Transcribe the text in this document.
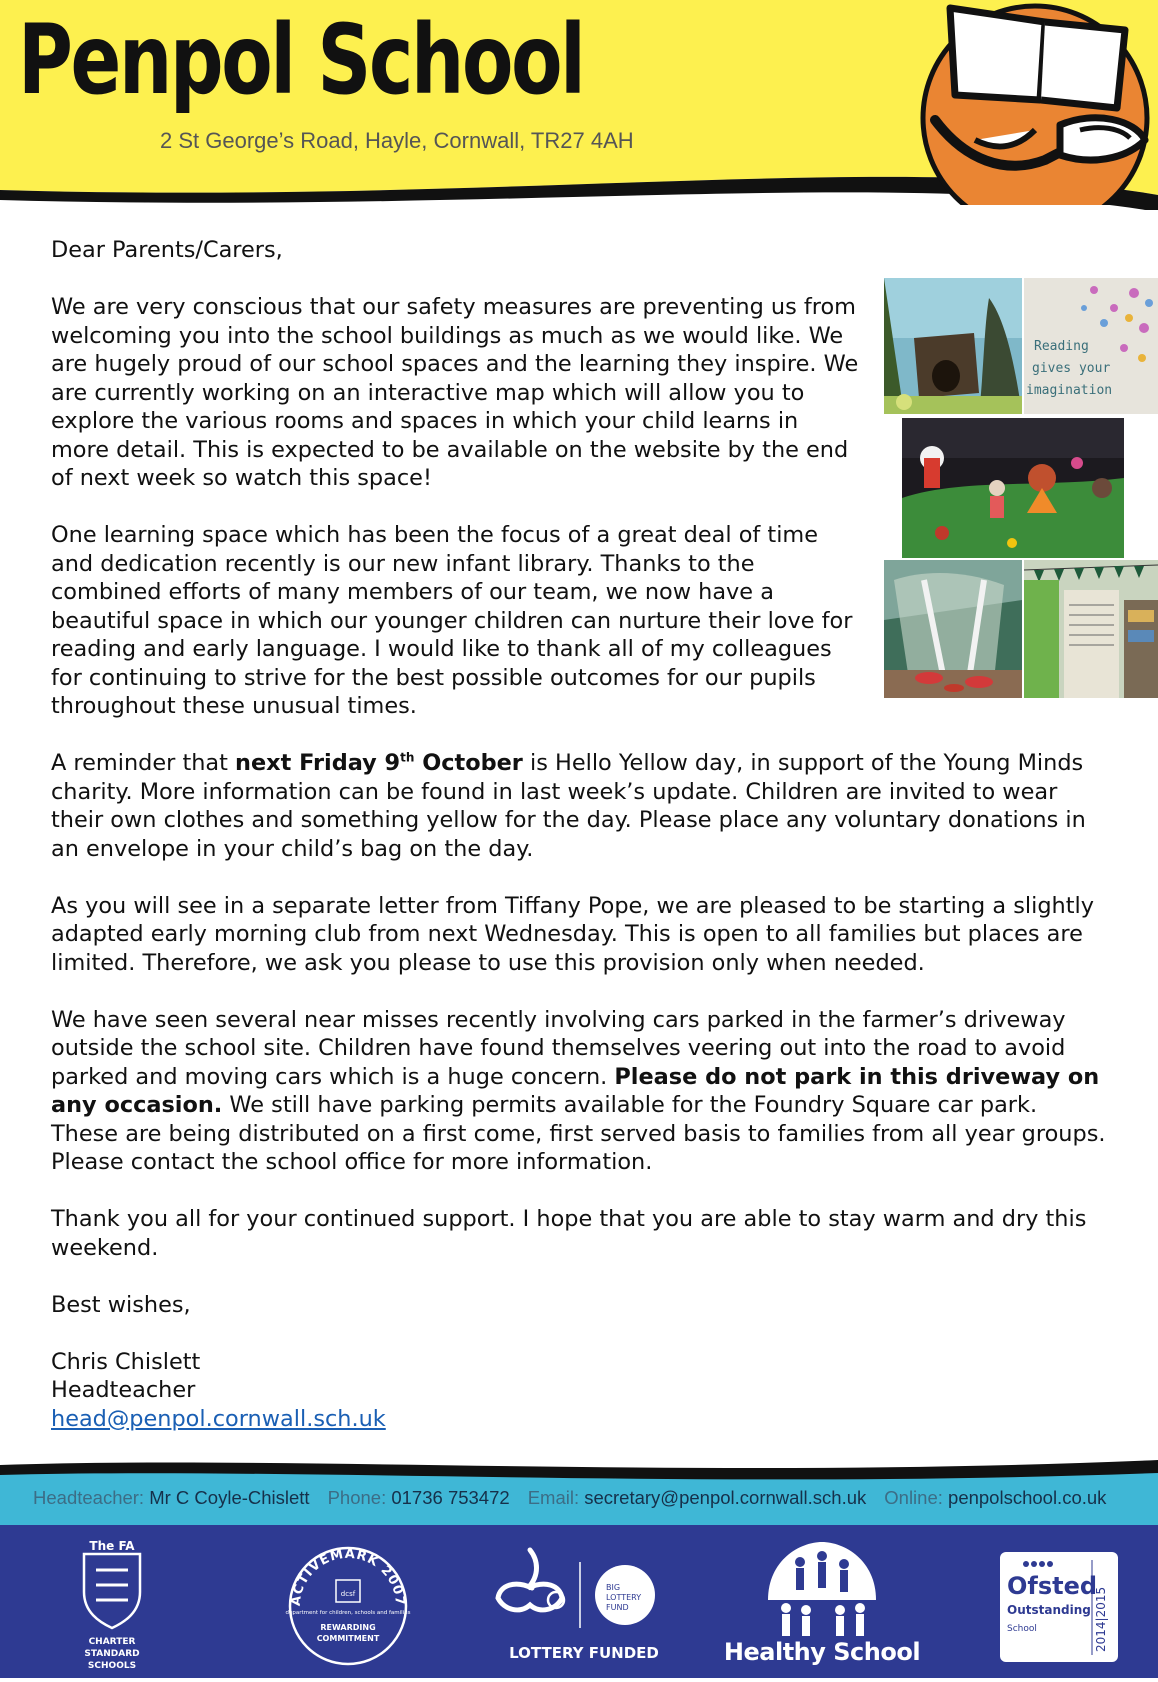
Penpol School
2 St George’s Road, Hayle, Cornwall, TR27 4AH

Dear Parents/Carers,

We are very conscious that our safety measures are preventing us from welcoming you into the school buildings as much as we would like. We are hugely proud of our school spaces and the learning they inspire. We are currently working on an interactive map which will allow you to explore the various rooms and spaces in which your child learns in more detail. This is expected to be available on the website by the end of next week so watch this space!

One learning space which has been the focus of a great deal of time and dedication recently is our new infant library. Thanks to the combined efforts of many members of our team, we now have a beautiful space in which our younger children can nurture their love for reading and early language. I would like to thank all of my colleagues for continuing to strive for the best possible outcomes for our pupils throughout these unusual times.

A reminder that next Friday 9th October is Hello Yellow day, in support of the Young Minds charity. More information can be found in last week’s update. Children are invited to wear their own clothes and something yellow for the day. Please place any voluntary donations in an envelope in your child’s bag on the day.

As you will see in a separate letter from Tiffany Pope, we are pleased to be starting a slightly adapted early morning club from next Wednesday. This is open to all families but places are limited. Therefore, we ask you please to use this provision only when needed.

We have seen several near misses recently involving cars parked in the farmer’s driveway outside the school site. Children have found themselves veering out into the road to avoid parked and moving cars which is a huge concern. Please do not park in this driveway on any occasion. We still have parking permits available for the Foundry Square car park. These are being distributed on a first come, first served basis to families from all year groups. Please contact the school office for more information.

Thank you all for your continued support. I hope that you are able to stay warm and dry this weekend.

Best wishes,

Chris Chislett
Headteacher
head@penpol.cornwall.sch.uk
Reading
gives your
imagination
Headteacher:
Mr C Coyle-Chislett Phone:
01736 753472 Email:
secretary@penpol.cornwall.sch.uk Online:
penpolschool.co.uk
The FA
CHARTER
STANDARD
SCHOOLS
ACTIVEMARK 2007
dcsf
department for children, schools and families
REWARDING
COMMITMENT
BIG
LOTTERY
FUND
LOTTERY FUNDED	Healthy School
Ofsted
Outstanding
School	2014|2015
